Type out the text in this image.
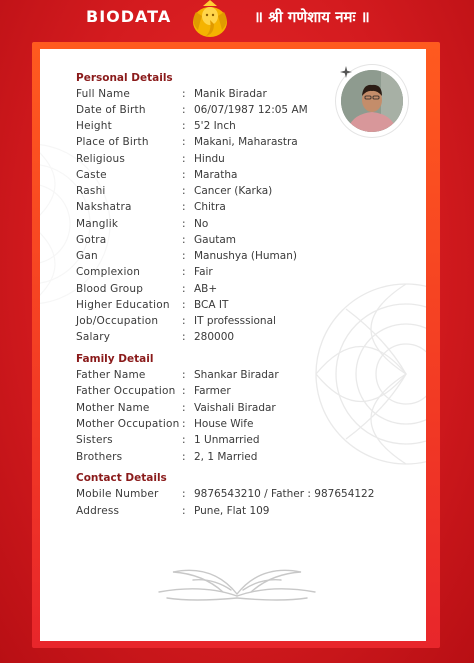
BIODATA	॥ श्री गणेशाय नमः ॥
Personal Details
Full Name	: Manik Biradar
Date of Birth	: 06/07/1987 12:05 AM
Height	: 5'2 Inch
Place of Birth	: Makani, Maharastra
Religious	: Hindu
Caste	: Maratha
Rashi	: Cancer (Karka)
Nakshatra	: Chitra
Manglik	: No
Gotra	: Gautam
Gan	: Manushya (Human)
Complexion	: Fair
Blood Group	: AB+
Higher Education	: BCA IT
Job/Occupation	: IT professsional
Salary	: 280000
Family Detail
Father Name	: Shankar Biradar
Father Occupation : Farmer
Mother Name	: Vaishali Biradar
Mother Occupation : House Wife
Sisters	: 1 Unmarried
Brothers	: 2, 1 Married
Contact Details
Mobile Number	: 9876543210 / Father : 987654122
Address	: Pune, Flat 109
